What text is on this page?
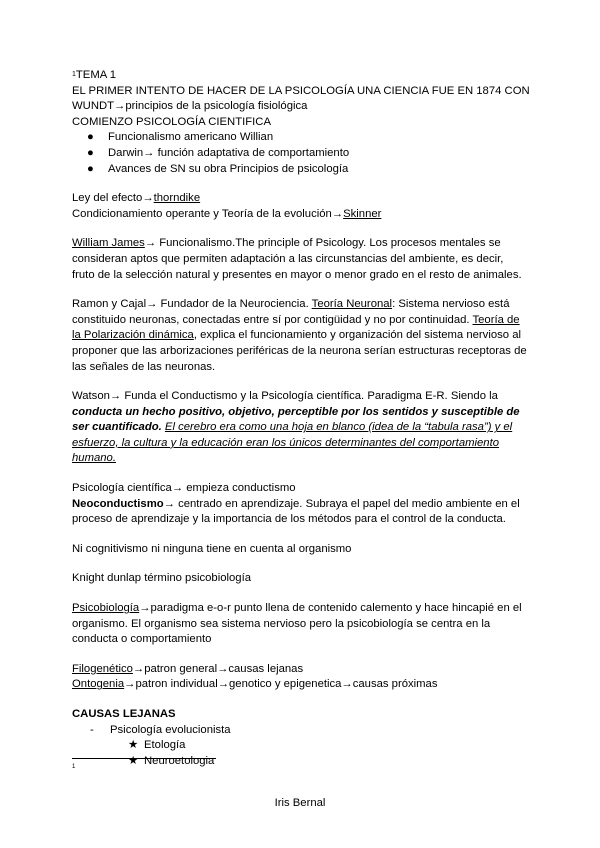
$^1$TEMA 1
EL PRIMER INTENTO DE HACER DE LA PSICOLOGÍA UNA CIENCIA FUE EN 1874 CON
WUNDT→principios de la psicología fisiológica
COMIENZO PSICOLOGÍA CIENTIFICA
● Funcionalismo americano Willian
● Darwin→ función adaptativa de comportamiento
● Avances de SN su obra Principios de psicología
Ley del efecto→thorndike
Condicionamiento operante y Teoría de la evolución→Skinner
William James→ Funcionalismo.The principle of Psicology. Los procesos mentales se consideran aptos que permiten adaptación a las circunstancias del ambiente, es decir, fruto de la selección natural y presentes en mayor o menor grado en el resto de animales.
Ramon y Cajal→ Fundador de la Neurociencia. Teoría Neuronal: Sistema nervioso está constituido neuronas, conectadas entre sí por contigüidad y no por continuidad. Teoría de la Polarización dinámica, explica el funcionamiento y organización del sistema nervioso al proponer que las arborizaciones periféricas de la neurona serían estructuras receptoras de las señales de las neuronas.
Watson→ Funda el Conductismo y la Psicología científica. Paradigma E-R. Siendo la conducta un hecho positivo, objetivo, perceptible por los sentidos y susceptible de ser cuantificado. El cerebro era como una hoja en blanco (idea de la “tabula rasa”) y el esfuerzo, la cultura y la educación eran los únicos determinantes del comportamiento humano.
Psicología científica→ empieza conductismo
Neoconductismo→ centrado en aprendizaje. Subraya el papel del medio ambiente en el proceso de aprendizaje y la importancia de los métodos para el control de la conducta.
Ni cognitivismo ni ninguna tiene en cuenta al organismo
Knight dunlap término psicobiología
Psicobiología→paradigma e-o-r punto llena de contenido calemento y hace hincapié en el organismo. El organismo sea sistema nervioso pero la psicobiología se centra en la conducta o comportamiento
Filogenético→patron general→causas lejanas
Ontogenia→patron individual→genotico y epigenetica→causas próximas
CAUSAS LEJANAS
- Psicología evolucionista
★ Etología
★ Neuroetologia
1
Iris Bernal
